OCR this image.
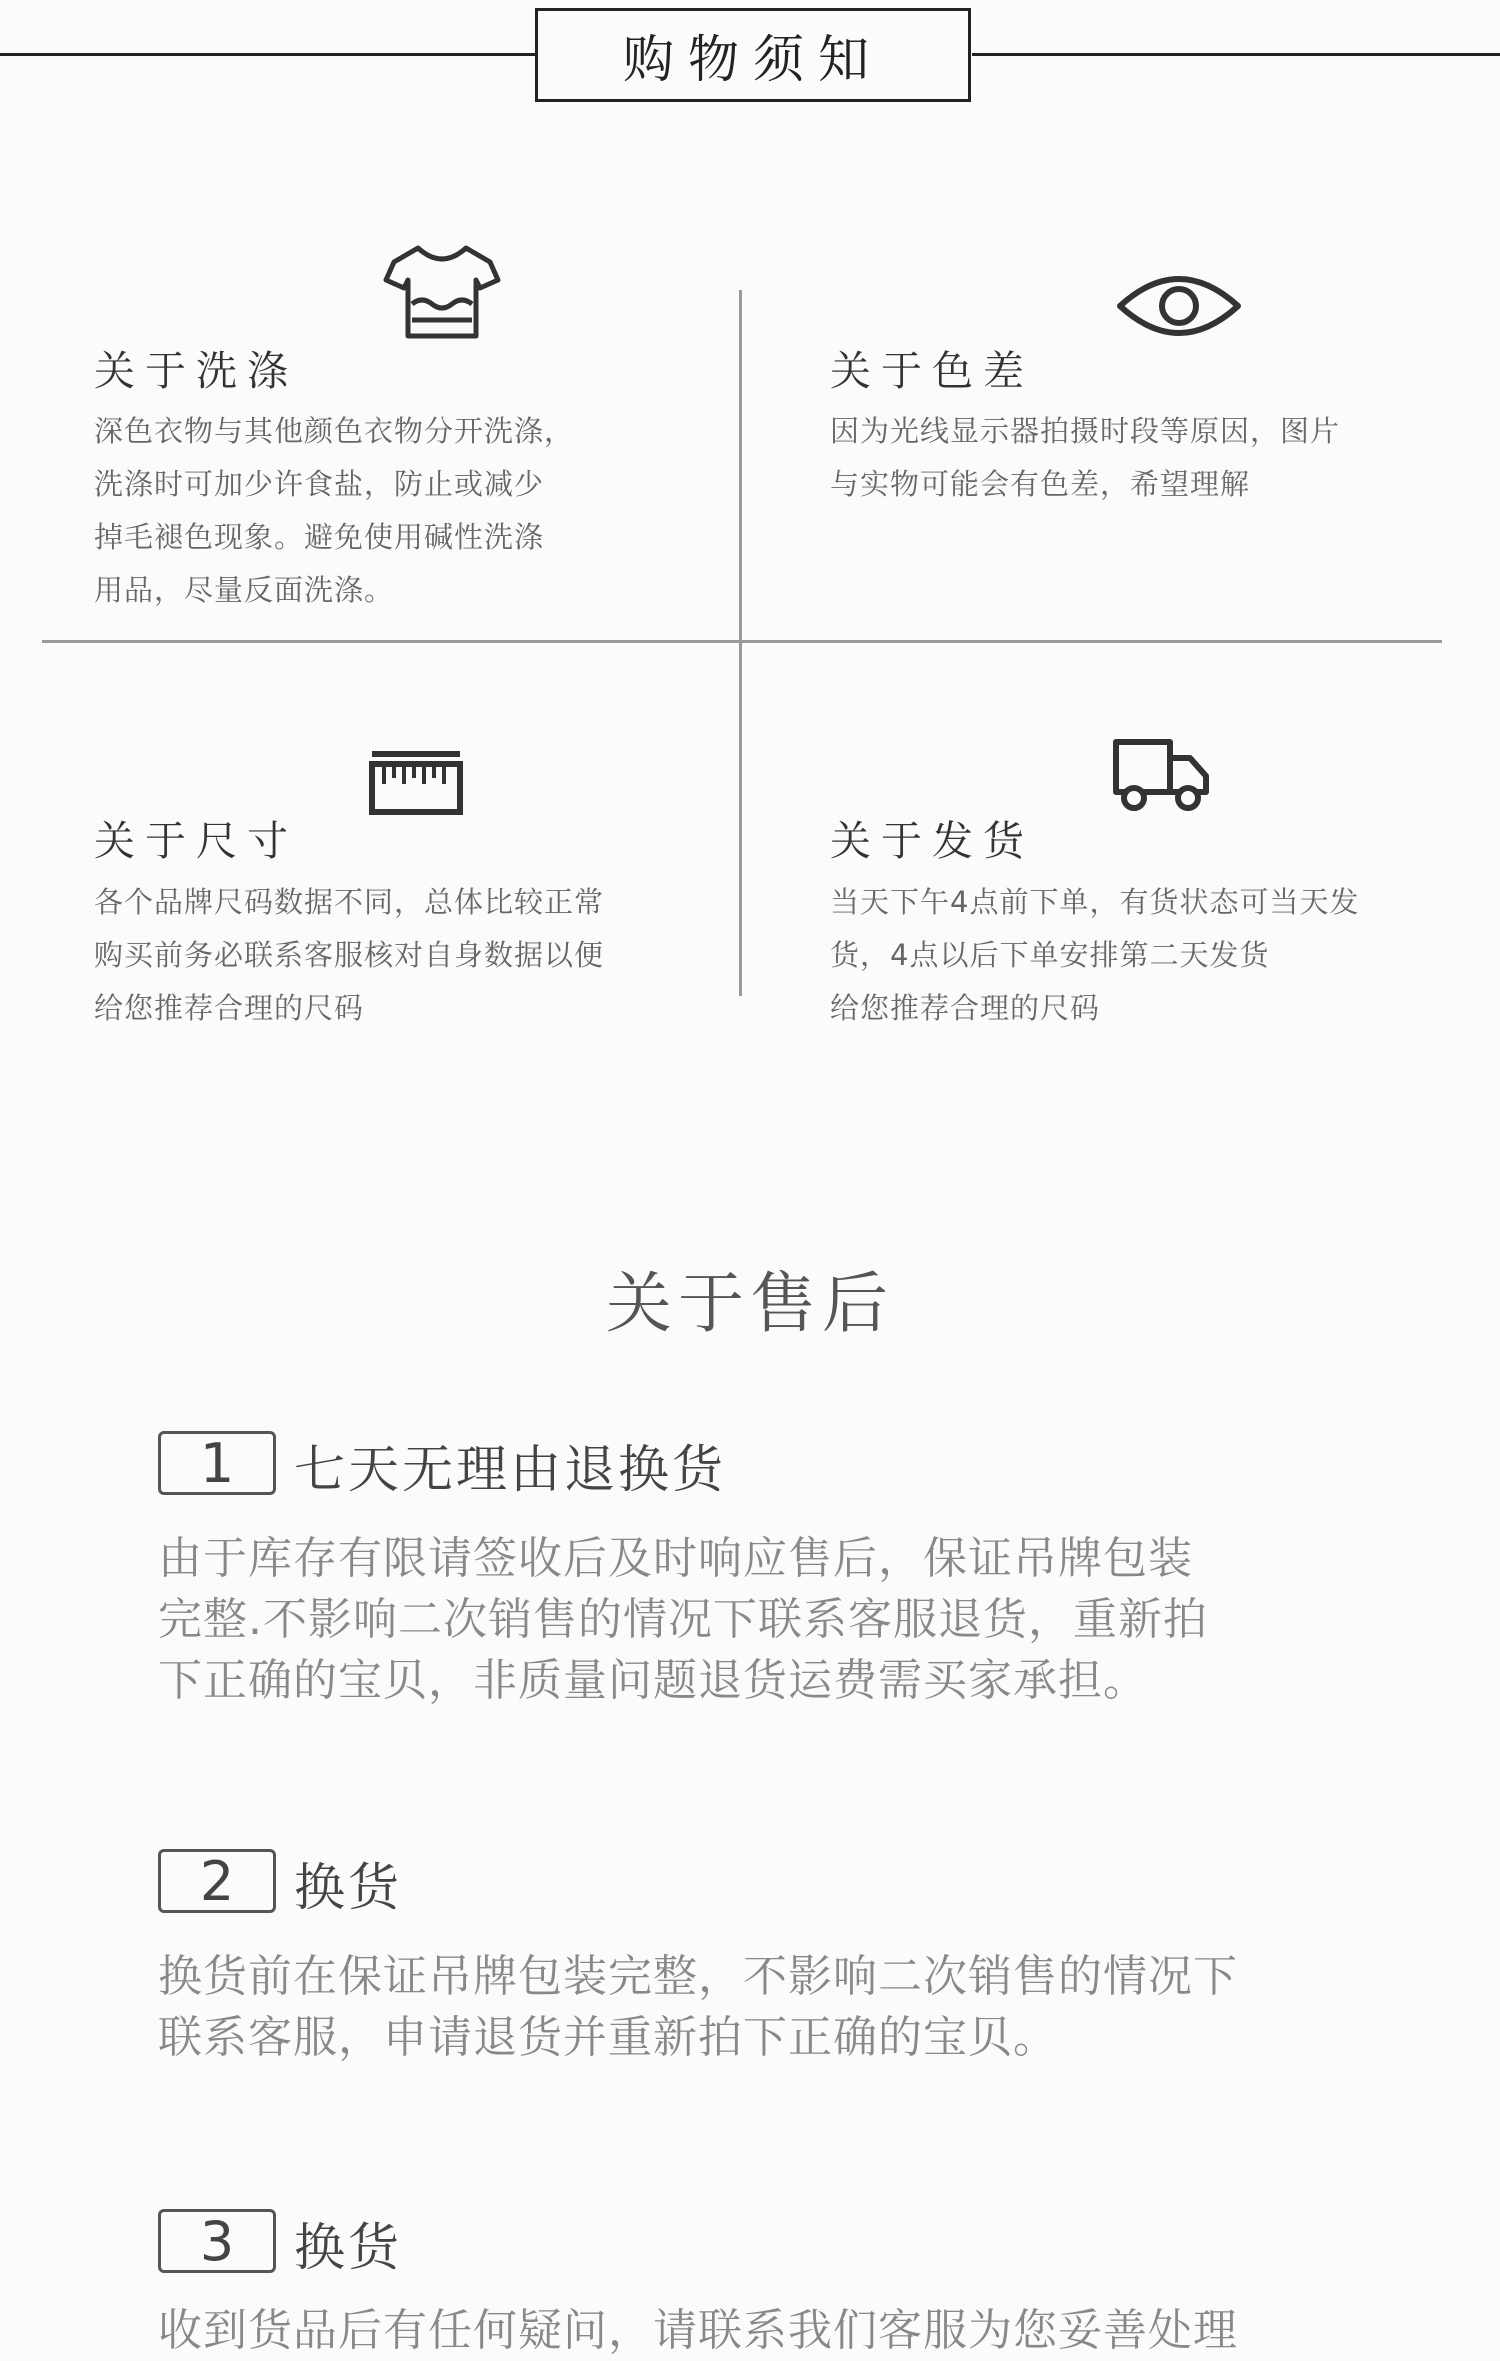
购物须知
关于洗涤
深色衣物与其他颜色衣物分开洗涤，
洗涤时可加少许食盐，防止或减少
掉毛褪色现象。避免使用碱性洗涤
用品，尽量反面洗涤。
关于色差
因为光线显示器拍摄时段等原因，图片
与实物可能会有色差，希望理解
关于尺寸
各个品牌尺码数据不同，总体比较正常
购买前务必联系客服核对自身数据以便
给您推荐合理的尺码
关于发货
当天下午4点前下单，有货状态可当天发
货，4点以后下单安排第二天发货
给您推荐合理的尺码
关于售后
1	七天无理由退换货
由于库存有限请签收后及时响应售后，保证吊牌包装
完整.不影响二次销售的情况下联系客服退货，重新拍
下正确的宝贝，非质量问题退货运费需买家承担。
2	换货
换货前在保证吊牌包装完整，不影响二次销售的情况下
联系客服，申请退货并重新拍下正确的宝贝。
3	换货
收到货品后有任何疑问，请联系我们客服为您妥善处理
